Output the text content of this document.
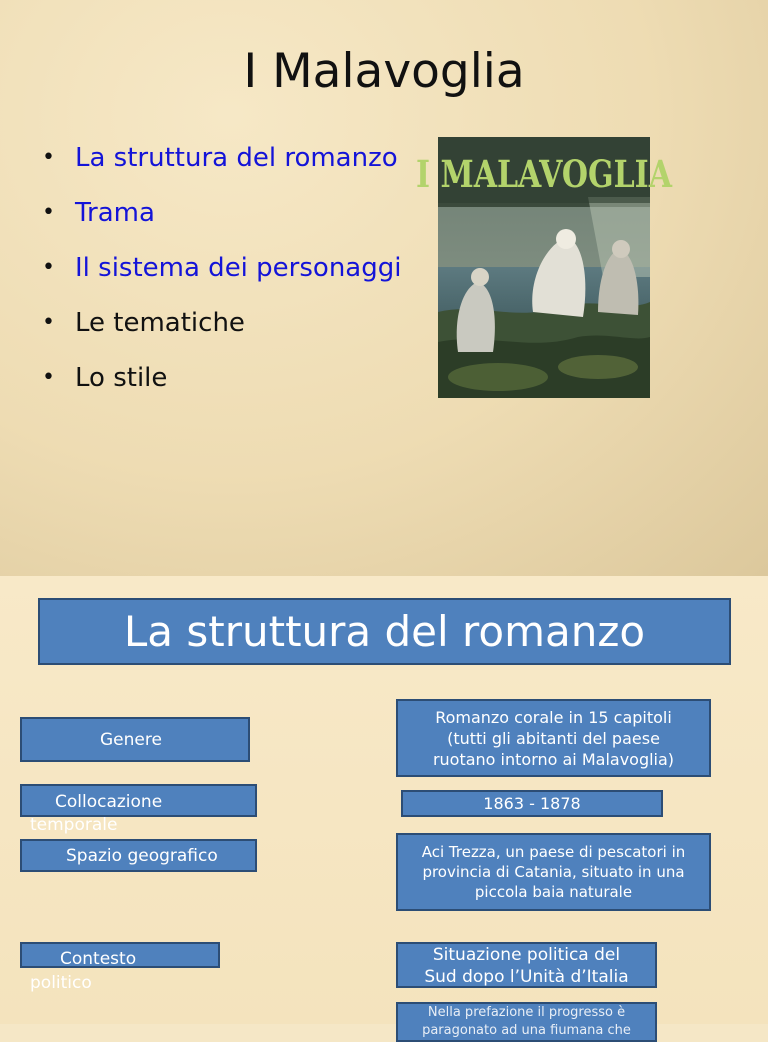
I Malavoglia
• La struttura del romanzo
• Trama
• Il sistema dei personaggi
• Le tematiche
• Lo stile
I MALAVOGLIA
La struttura del romanzo
Genere
Collocazione
temporale
Spazio geografico
Contesto
politico
Romanzo corale in 15 capitoli
(tutti gli abitanti del paese
ruotano intorno ai Malavoglia)
1863 - 1878
Aci Trezza, un paese di pescatori in
provincia di Catania, situato in una
piccola baia naturale
Situazione politica del
Sud dopo l’Unità d’Italia
Nella prefazione il progresso è
paragonato ad una fiumana che
